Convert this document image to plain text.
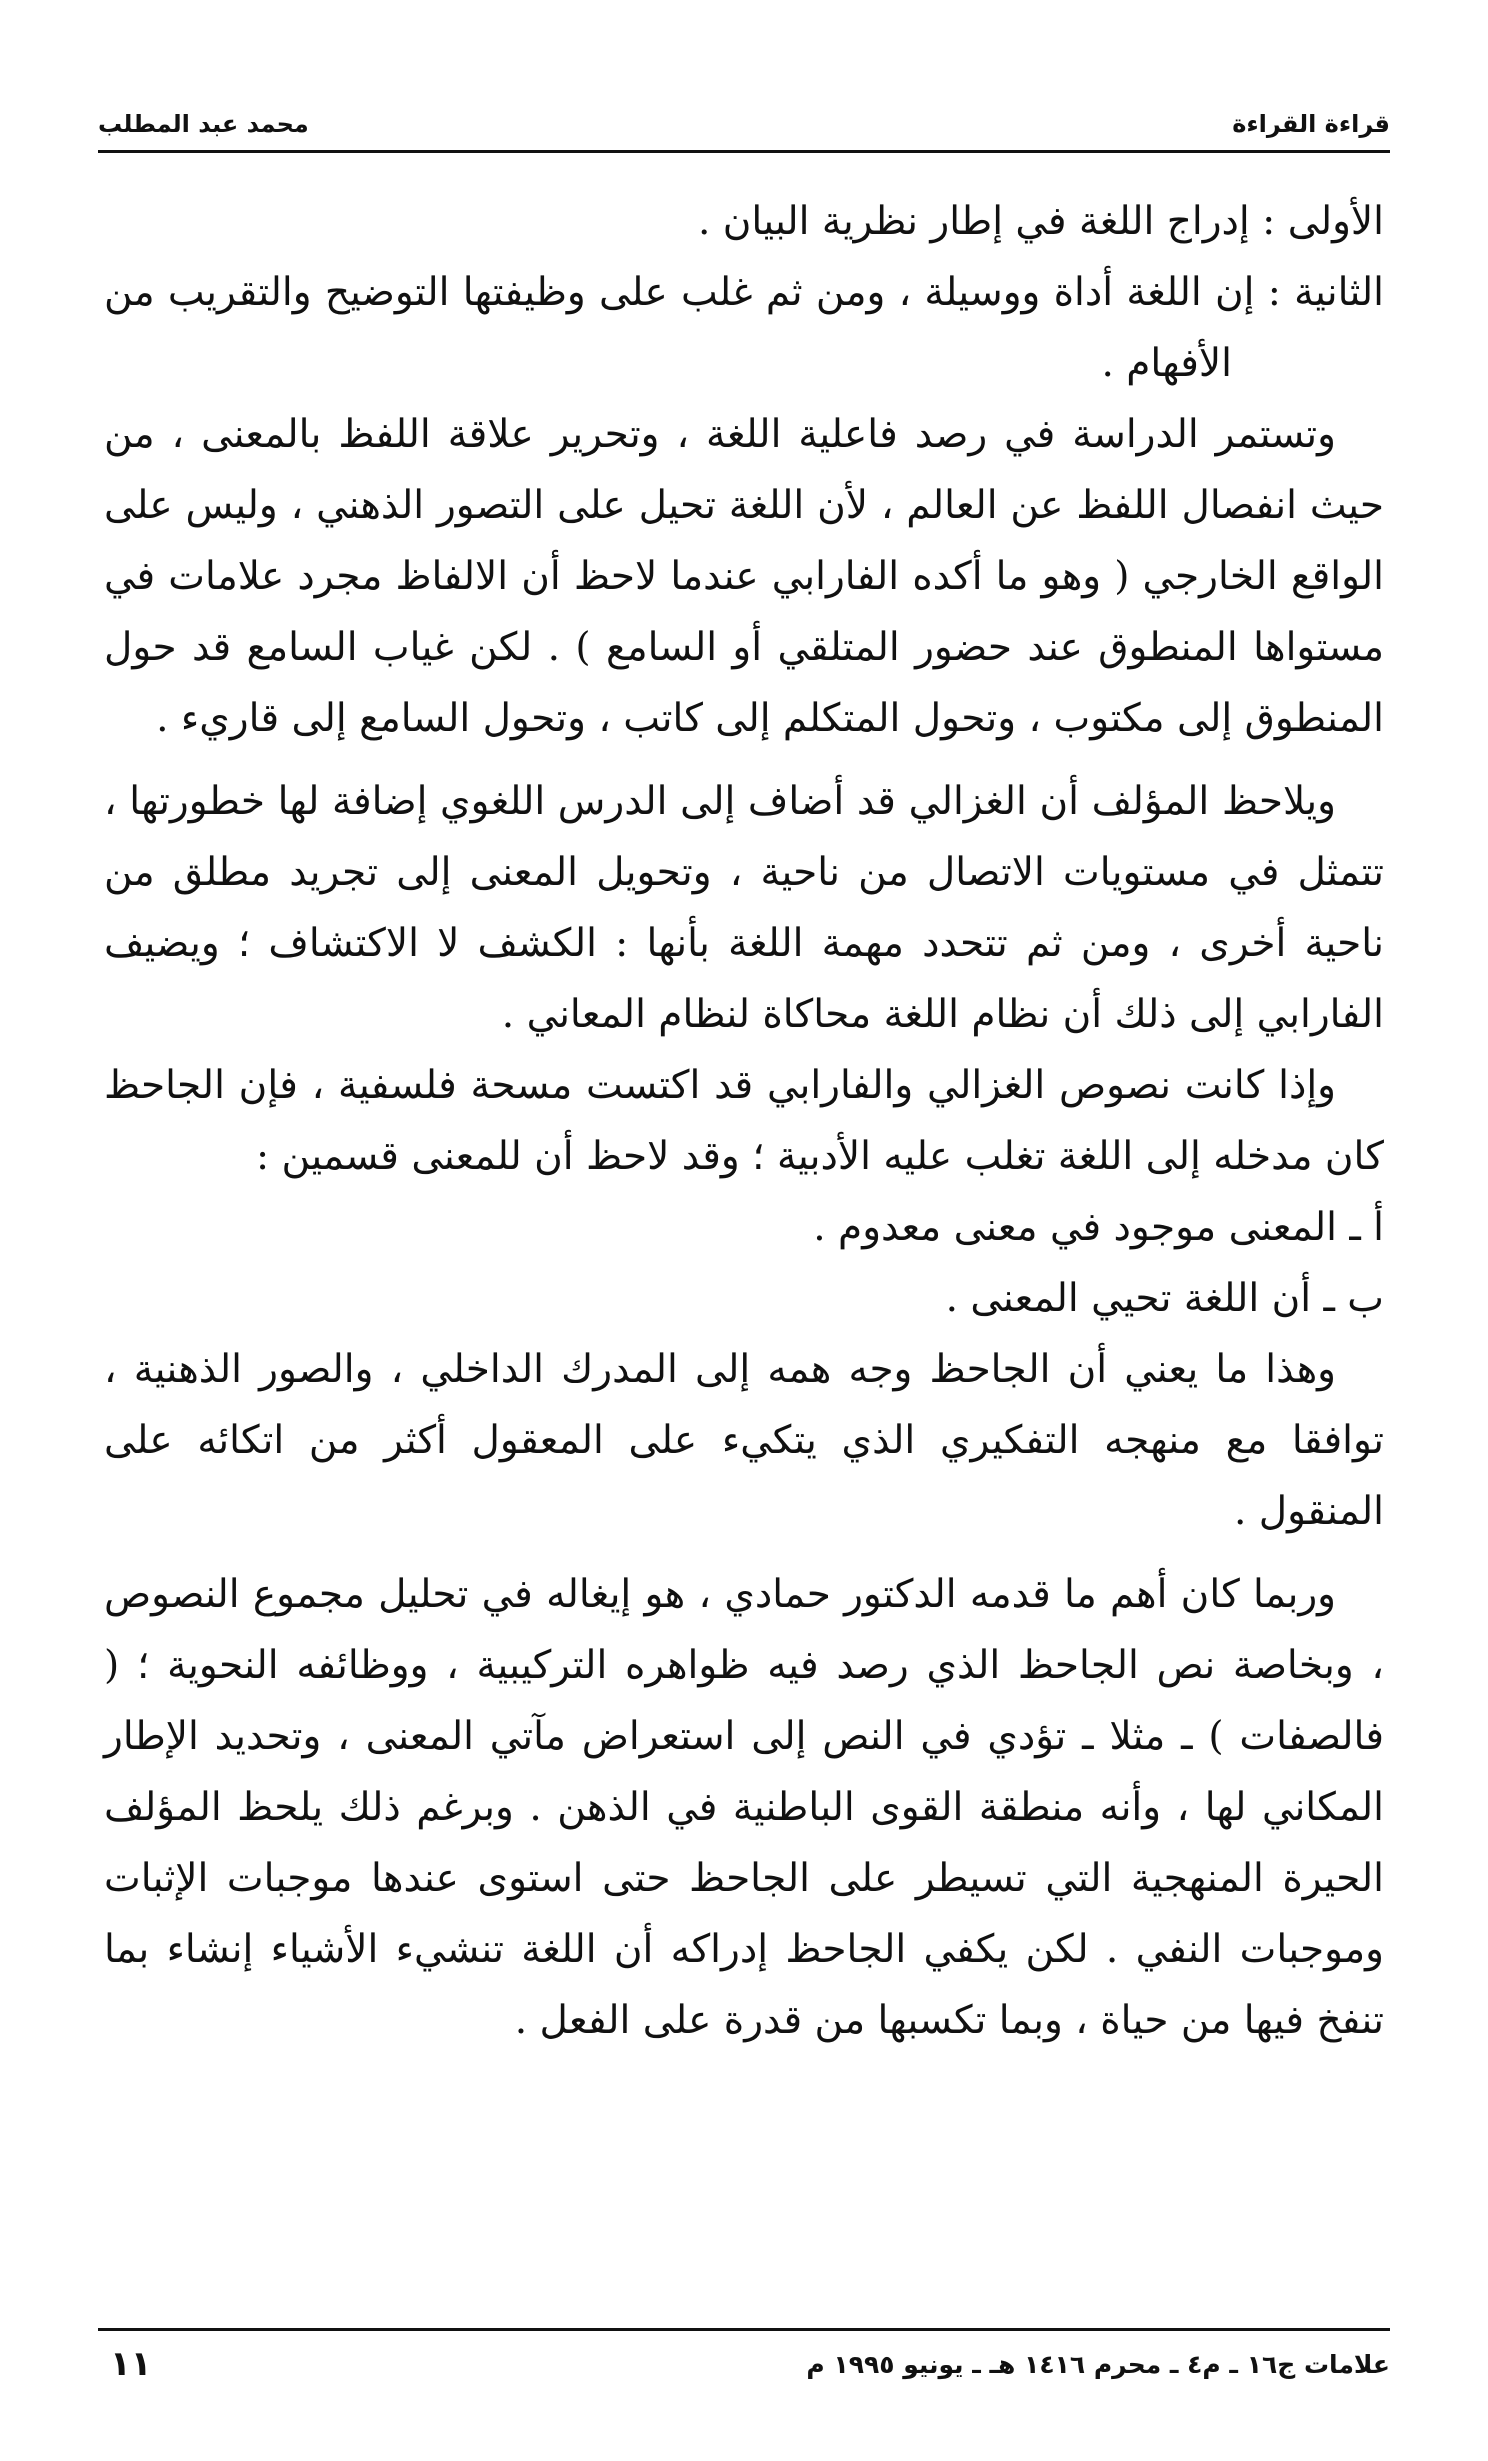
قراءة القراءة
محمد عبد المطلب

الأولى : إدراج اللغة في إطار نظرية البيان .

الثانية : إن اللغة أداة ووسيلة ، ومن ثم غلب على وظيفتها التوضيح والتقريب من الأفهام .

وتستمر الدراسة في رصد فاعلية اللغة ، وتحرير علاقة اللفظ بالمعنى ، من حيث انفصال اللفظ عن العالم ، لأن اللغة تحيل على التصور الذهني ، وليس على الواقع الخارجي ( وهو ما أكده الفارابي عندما لاحظ أن الالفاظ مجرد علامات في مستواها المنطوق عند حضور المتلقي أو السامع ) . لكن غياب السامع قد حول المنطوق إلى مكتوب ، وتحول المتكلم إلى كاتب ، وتحول السامع إلى قاريء .

ويلاحظ المؤلف أن الغزالي قد أضاف إلى الدرس اللغوي إضافة لها خطورتها ، تتمثل في مستويات الاتصال من ناحية ، وتحويل المعنى إلى تجريد مطلق من ناحية أخرى ، ومن ثم تتحدد مهمة اللغة بأنها : الكشف لا الاكتشاف ؛ ويضيف الفارابي إلى ذلك أن نظام اللغة محاكاة لنظام المعاني .

وإذا كانت نصوص الغزالي والفارابي قد اكتست مسحة فلسفية ، فإن الجاحظ كان مدخله إلى اللغة تغلب عليه الأدبية ؛ وقد لاحظ أن للمعنى قسمين :

أ ـ المعنى موجود في معنى معدوم .

ب ـ أن اللغة تحيي المعنى .

وهذا ما يعني أن الجاحظ وجه همه إلى المدرك الداخلي ، والصور الذهنية ، توافقا مع منهجه التفكيري الذي يتكيء على المعقول أكثر من اتكائه على المنقول .

وربما كان أهم ما قدمه الدكتور حمادي ، هو إيغاله في تحليل مجموع النصوص ، وبخاصة نص الجاحظ الذي رصد فيه ظواهره التركيبية ، ووظائفه النحوية ؛ ( فالصفات ) ـ مثلا ـ تؤدي في النص إلى استعراض مآتي المعنى ، وتحديد الإطار المكاني لها ، وأنه منطقة القوى الباطنية في الذهن . وبرغم ذلك يلحظ المؤلف الحيرة المنهجية التي تسيطر على الجاحظ حتى استوى عندها موجبات الإثبات وموجبات النفي . لكن يكفي الجاحظ إدراكه أن اللغة تنشيء الأشياء إنشاء بما تنفخ فيها من حياة ، وبما تكسبها من قدرة على الفعل .

علامات ج١٦ ـ م٤ ـ محرم ١٤١٦ هـ ـ يونيو ١٩٩٥ م
١١
